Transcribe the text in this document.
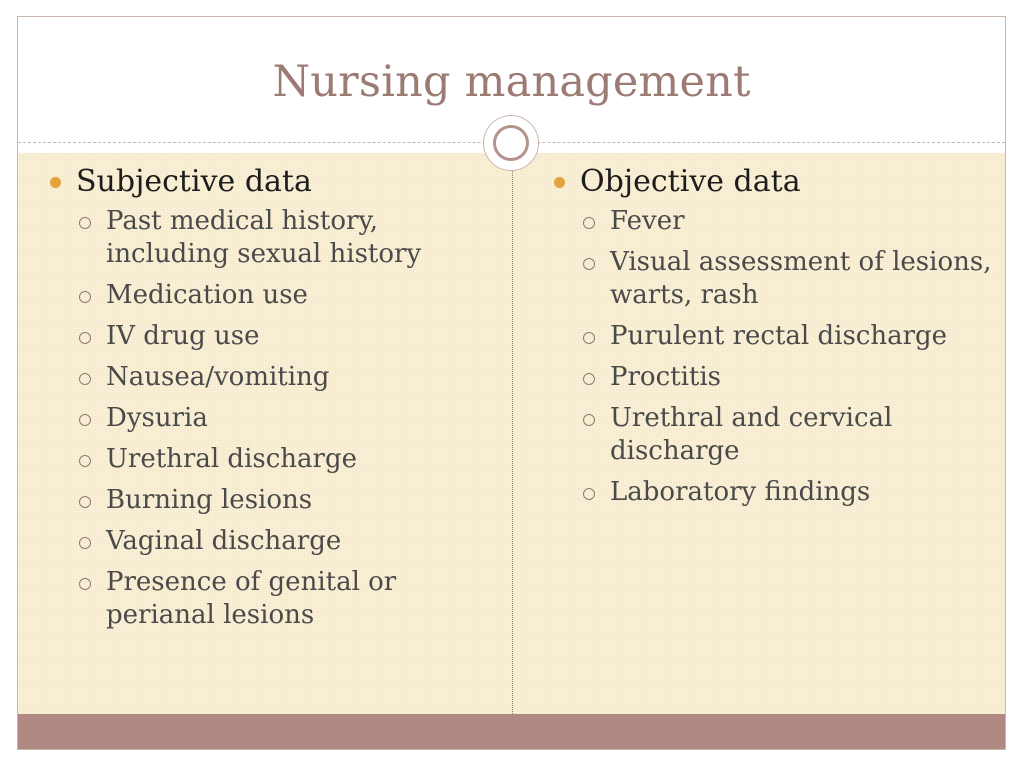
Nursing management
Subjective data
Past medical history, including sexual history
Medication use
IV drug use
Nausea/vomiting
Dysuria
Urethral discharge
Burning lesions
Vaginal discharge
Presence of genital or perianal lesions
Objective data
Fever
Visual assessment of lesions, warts, rash
Purulent rectal discharge
Proctitis
Urethral and cervical discharge
Laboratory findings
